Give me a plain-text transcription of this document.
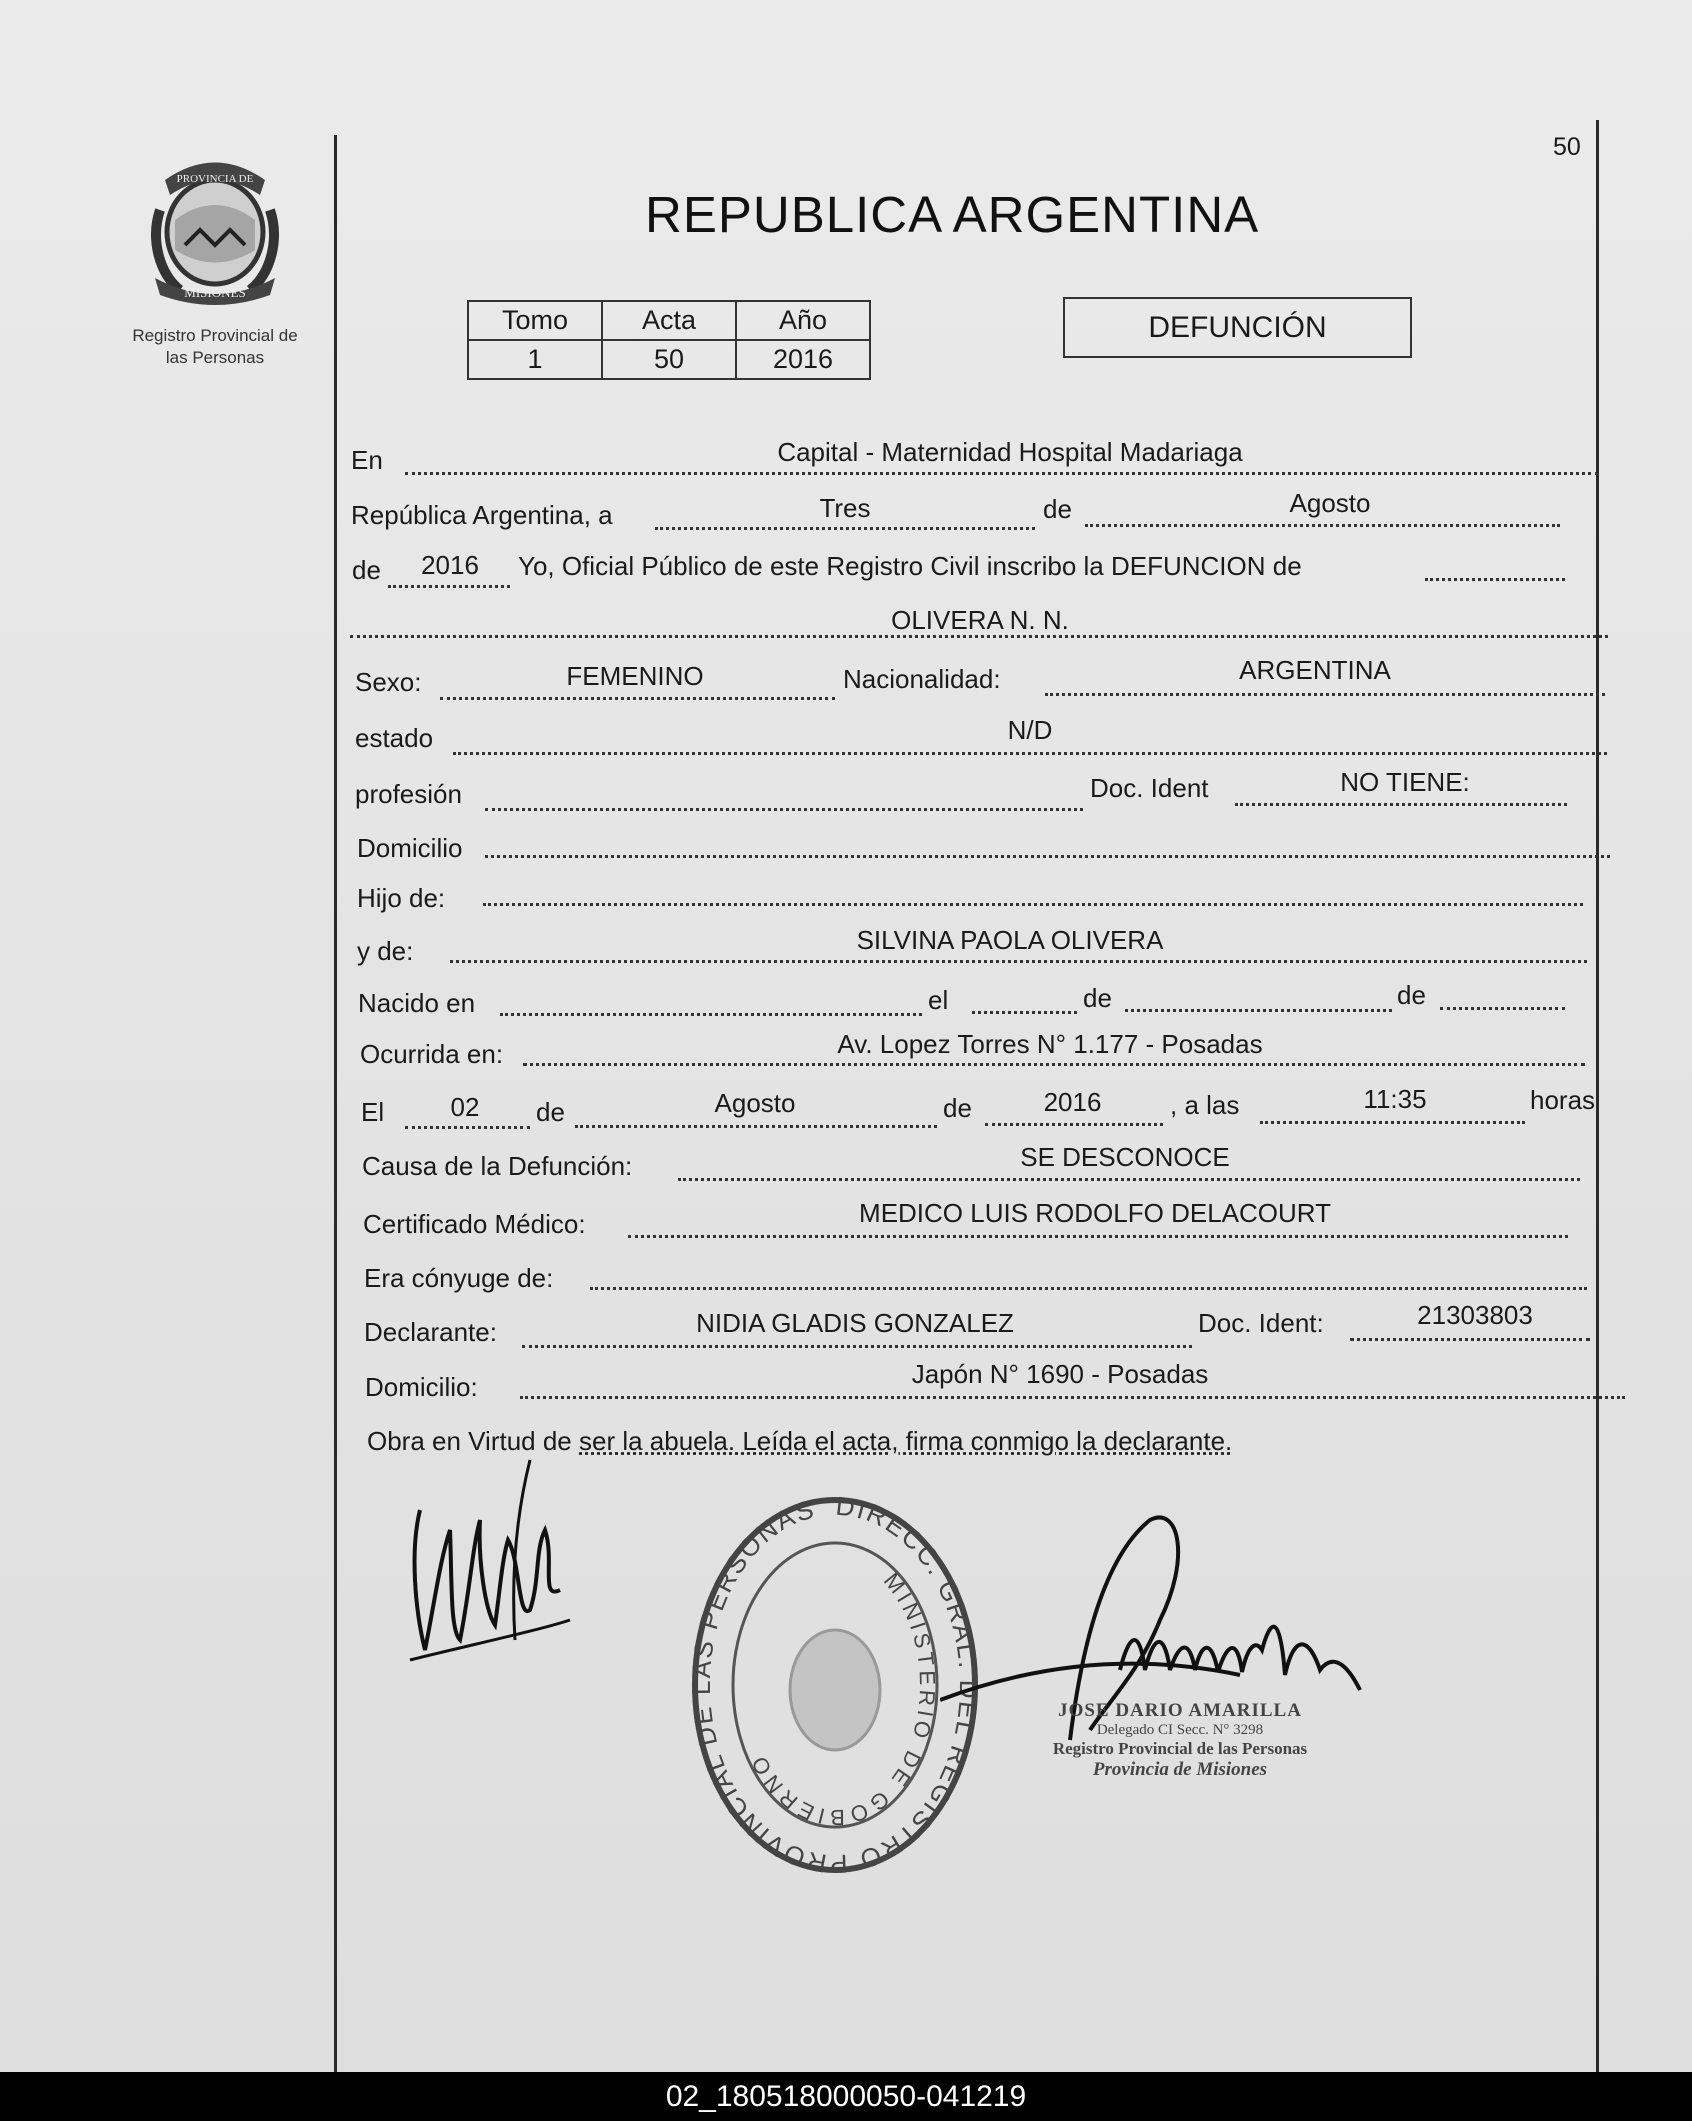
50
PROVINCIA DE
MISIONES
Registro Provincial de
las Personas
REPUBLICA ARGENTINA
Tomo	Acta	Año
1	50	2016
DEFUNCIÓN
En	Capital - Maternidad Hospital Madariaga
República Argentina, a	Tres	de	Agosto
de	2016	Yo, Oficial Público de este Registro Civil inscribo la DEFUNCION de
OLIVERA N. N.
Sexo:	FEMENINO	Nacionalidad:	ARGENTINA
estado	N/D
profesión	Doc. Ident	NO TIENE:
Domicilio
Hijo de:
y de:	SILVINA PAOLA OLIVERA
Nacido en	el	de	de
Ocurrida en:	Av. Lopez Torres N° 1.177 - Posadas
El	02	de	Agosto	de	2016	, a las	11:35	horas
Causa de la Defunción:	SE DESCONOCE
Certificado Médico:	MEDICO LUIS RODOLFO DELACOURT
Era cónyuge de:
Declarante:	NIDIA GLADIS GONZALEZ	Doc. Ident:	21303803
Domicilio:	Japón N° 1690 - Posadas
Obra en Virtud de ser la abuela. Leída el acta, firma conmigo la declarante.
DIRECC. GRAL. DEL REGISTRO PROVINCIAL DE LAS PERSONAS
MINISTERIO DE GOBIERNO
JOSE DARIO AMARILLA
Delegado CI Secc. N° 3298
Registro Provincial de las Personas
Provincia de Misiones
02_180518000050-041219
